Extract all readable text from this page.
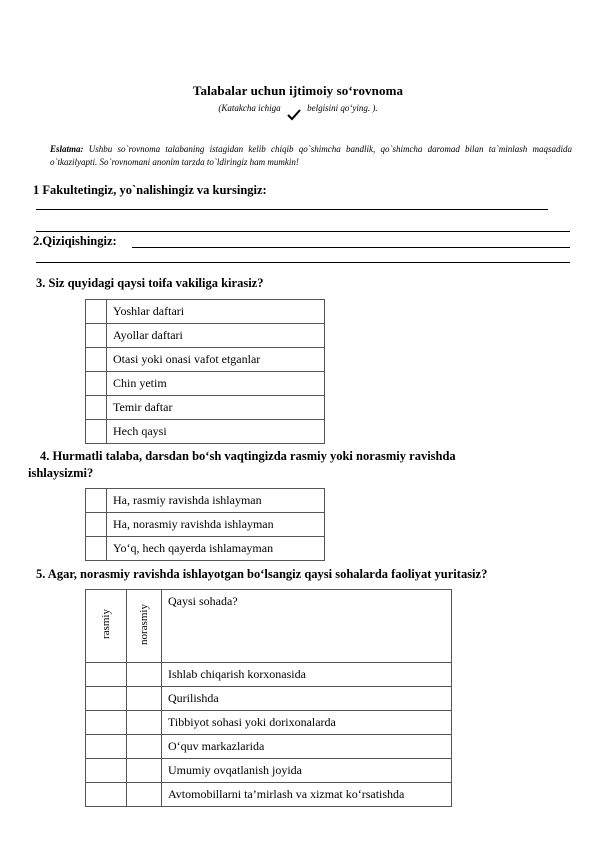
Talabalar uchun ijtimoiy so‘rovnoma
(Katakcha ichiga	belgisini qo‘ying. ).
Eslatma: Ushbu so`rovnoma talabaning istagidan kelib chiqib qo`shimcha bandlik, qo`shimcha daromad bilan ta`minlash maqsadida o`tkazilyapti. So`rovnomani anonim tarzda to`ldiringiz ham mumkin!
1 Fakultetingiz, yo`nalishingiz va kursingiz:
2.Qiziqishingiz:
3. Siz quyidagi qaysi toifa vakiliga kirasiz?
	Yoshlar daftari
	Ayollar daftari
	Otasi yoki onasi vafot etganlar
	Chin yetim
	Temir daftar
	Hech qaysi
4. Hurmatli talaba, darsdan bo‘sh vaqtingizda rasmiy yoki norasmiy ravishda
ishlaysizmi?
	Ha, rasmiy ravishda ishlayman
	Ha, norasmiy ravishda ishlayman
	Yo‘q, hech qayerda ishlamayman
5. Agar, norasmiy ravishda ishlayotgan bo‘lsangiz qaysi sohalarda faoliyat yuritasiz?
rasmiy	norasmiy	Qaysi sohada?
		Ishlab chiqarish korxonasida
		Qurilishda
		Tibbiyot sohasi yoki dorixonalarda
		O‘quv markazlarida
		Umumiy ovqatlanish joyida
		Avtomobillarni ta’mirlash va xizmat ko‘rsatishda
